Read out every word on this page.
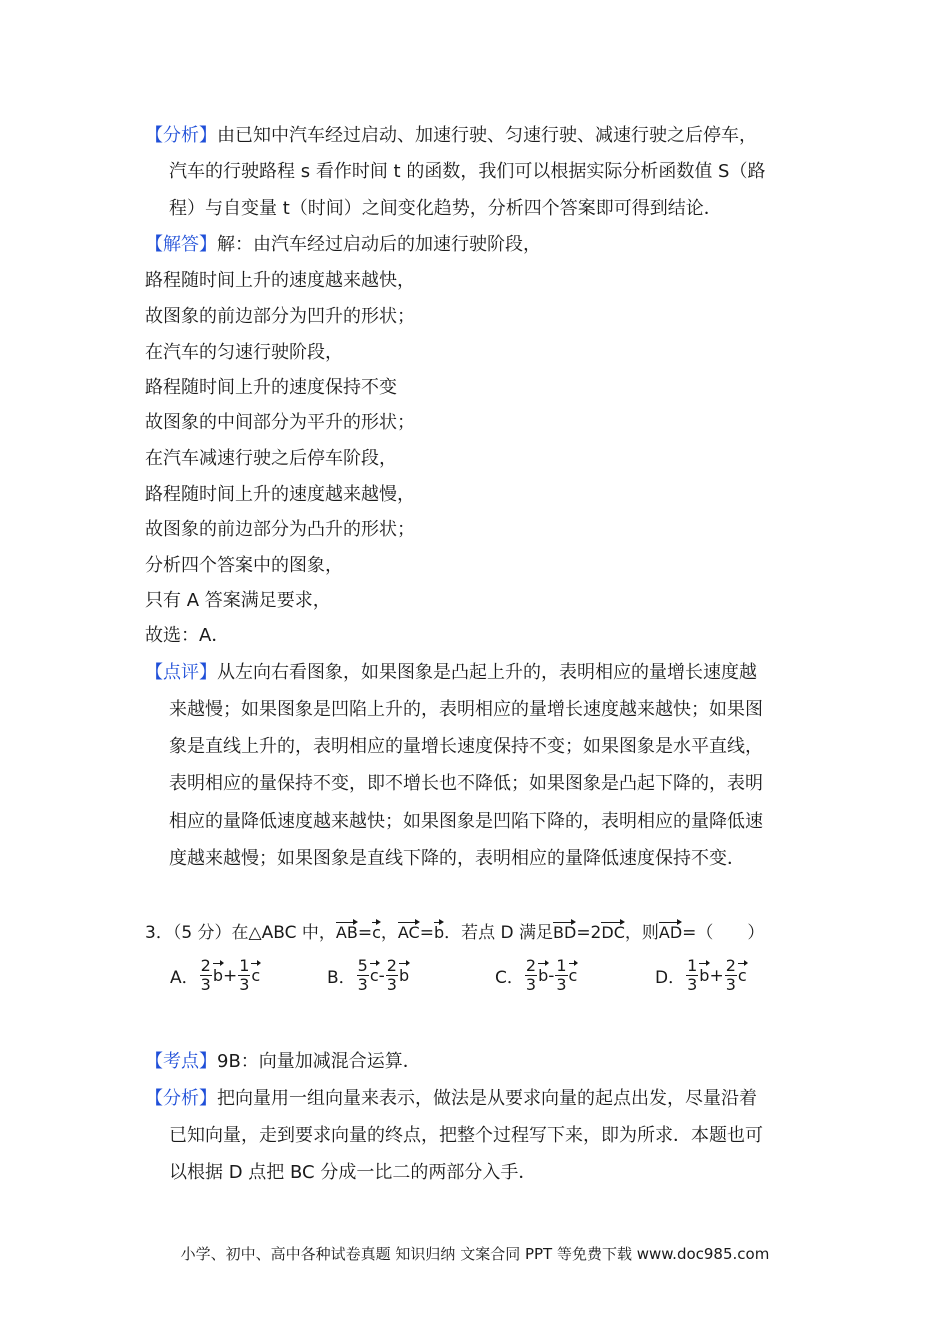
【分析】由已知中汽车经过启动、加速行驶、匀速行驶、减速行驶之后停车，
汽车的行驶路程 s 看作时间 t 的函数，我们可以根据实际分析函数值 S（路
程）与自变量 t（时间）之间变化趋势，分析四个答案即可得到结论．
【解答】解：由汽车经过启动后的加速行驶阶段，
路程随时间上升的速度越来越快，
故图象的前边部分为凹升的形状；
在汽车的匀速行驶阶段，
路程随时间上升的速度保持不变
故图象的中间部分为平升的形状；
在汽车减速行驶之后停车阶段，
路程随时间上升的速度越来越慢，
故图象的前边部分为凸升的形状；
分析四个答案中的图象，
只有 A 答案满足要求，
故选：A．
【点评】从左向右看图象，如果图象是凸起上升的，表明相应的量增长速度越
来越慢；如果图象是凹陷上升的，表明相应的量增长速度越来越快；如果图
象是直线上升的，表明相应的量增长速度保持不变；如果图象是水平直线，
表明相应的量保持不变，即不增长也不降低；如果图象是凸起下降的，表明
相应的量降低速度越来越快；如果图象是凹陷下降的，表明相应的量降低速
度越来越慢；如果图象是直线下降的，表明相应的量降低速度保持不变．
3．（5 分）在△ABC 中，AB=c，AC=b．若点 D 满足BD=2DC，则AD=（　　）
A． $\frac{2}{3}$ $b + \frac{1}{3}$ c	B． $\frac{5}{3}$ c - $\frac{2}{3}$ b	C． $\frac{2}{3}$ b - $\frac{1}{3}$ c	D． $\frac{1}{3}$ $b + \frac{2}{3}$ c
【考点】9B：向量加减混合运算．
【分析】把向量用一组向量来表示，做法是从要求向量的起点出发，尽量沿着
已知向量，走到要求向量的终点，把整个过程写下来，即为所求．本题也可
以根据 D 点把 BC 分成一比二的两部分入手．
小学、初中、高中各种试卷真题 知识归纳 文案合同 PPT 等免费下载 www.doc985.com
